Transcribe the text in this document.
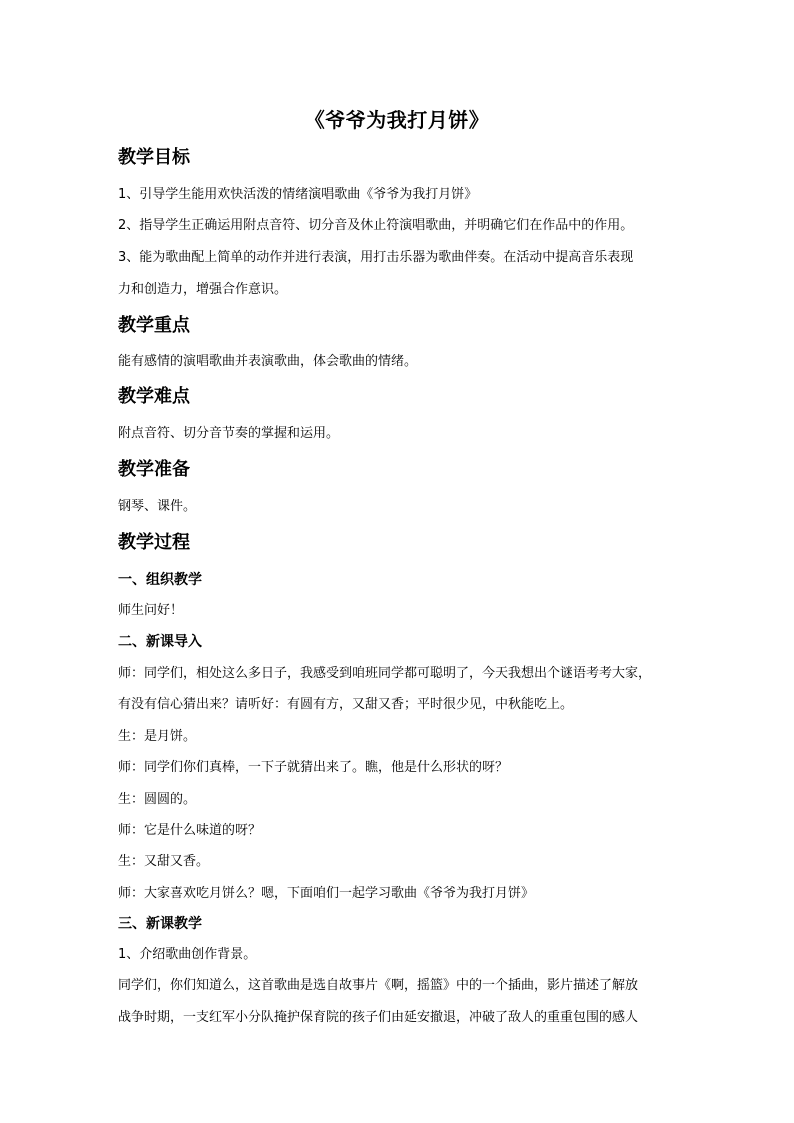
《爷爷为我打月饼》
教学目标
1、引导学生能用欢快活泼的情绪演唱歌曲《爷爷为我打月饼》
2、指导学生正确运用附点音符、切分音及休止符演唱歌曲，并明确它们在作品中的作用。
3、能为歌曲配上简单的动作并进行表演，用打击乐器为歌曲伴奏。在活动中提高音乐表现
力和创造力，增强合作意识。
教学重点
能有感情的演唱歌曲并表演歌曲，体会歌曲的情绪。
教学难点
附点音符、切分音节奏的掌握和运用。
教学准备
钢琴、课件。
教学过程
一、组织教学
师生问好！
二、新课导入
师：同学们，相处这么多日子，我感受到咱班同学都可聪明了，今天我想出个谜语考考大家，
有没有信心猜出来？请听好：有圆有方，又甜又香；平时很少见，中秋能吃上。
生：是月饼。
师：同学们你们真棒，一下子就猜出来了。瞧，他是什么形状的呀？
生：圆圆的。
师：它是什么味道的呀？
生：又甜又香。
师：大家喜欢吃月饼么？嗯，下面咱们一起学习歌曲《爷爷为我打月饼》
三、新课教学
1、介绍歌曲创作背景。
同学们，你们知道么，这首歌曲是选自故事片《啊，摇篮》中的一个插曲，影片描述了解放
战争时期，一支红军小分队掩护保育院的孩子们由延安撤退，冲破了敌人的重重包围的感人
